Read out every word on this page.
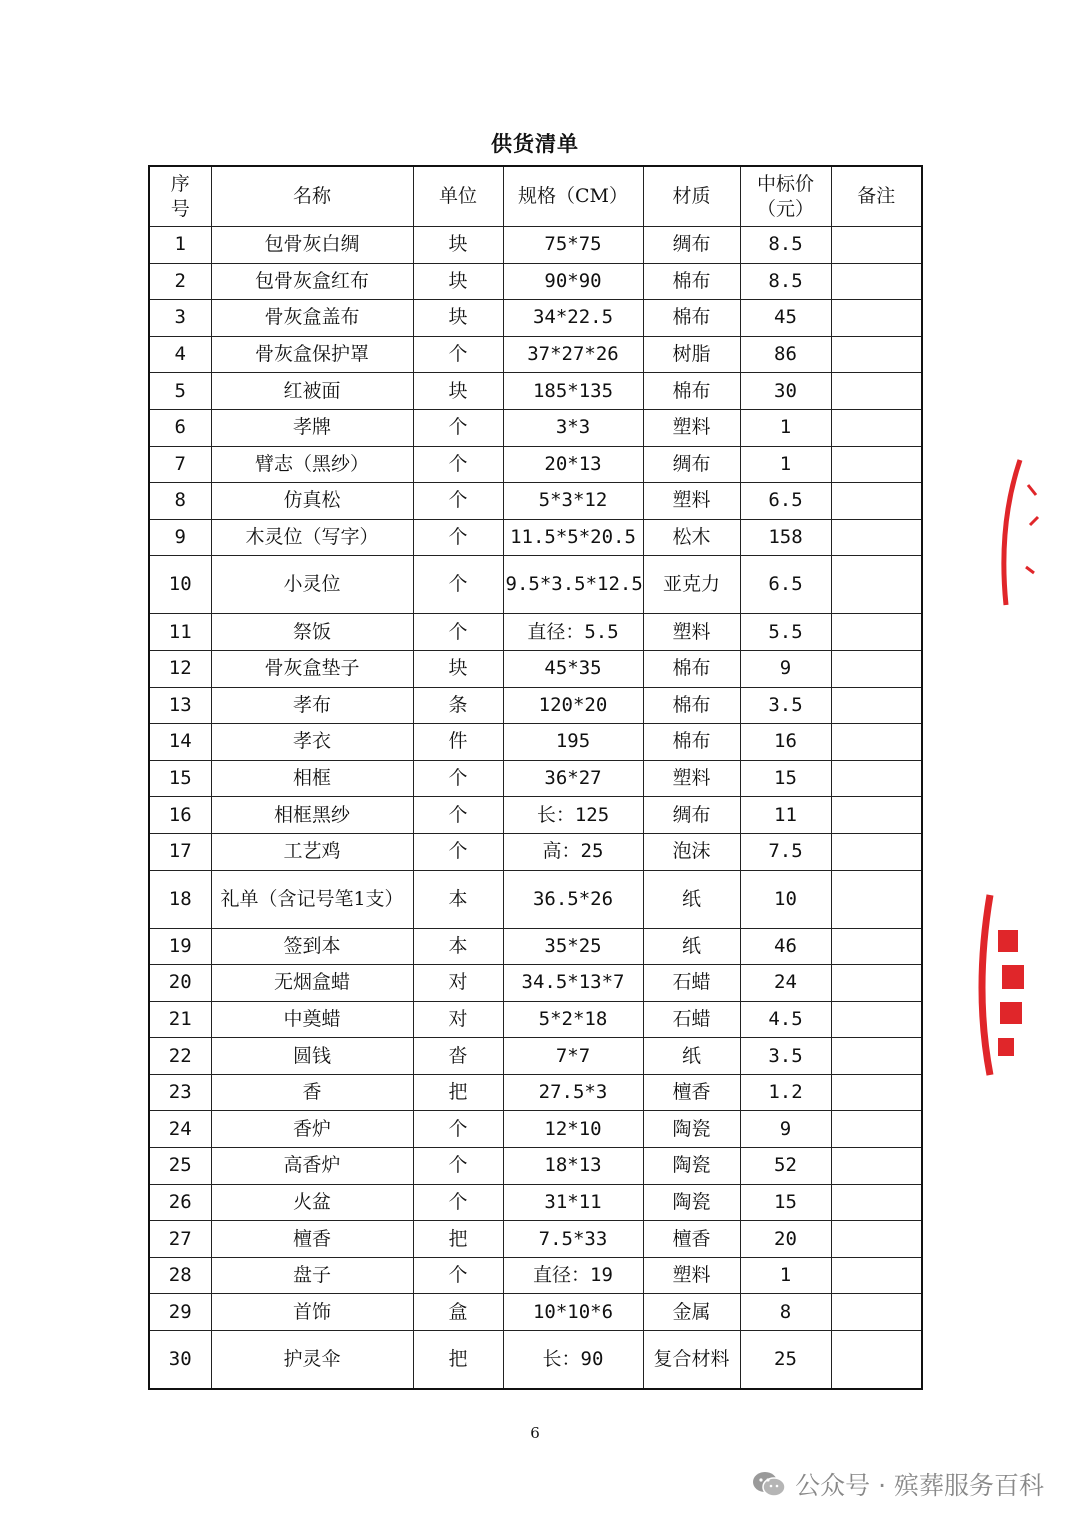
供货清单
序号	名称	单位	规格（CM）	材质	中标价（元）	备注
1	包骨灰白绸	块	75*75	绸布	8.5	
2	包骨灰盒红布	块	90*90	棉布	8.5	
3	骨灰盒盖布	块	34*22.5	棉布	45	
4	骨灰盒保护罩	个	37*27*26	树脂	86	
5	红被面	块	185*135	棉布	30	
6	孝牌	个	3*3	塑料	1	
7	臂志（黑纱）	个	20*13	绸布	1	
8	仿真松	个	5*3*12	塑料	6.5	
9	木灵位（写字）	个	11.5*5*20.5	松木	158	
10	小灵位	个	9.5*3.5*12.5	亚克力	6.5	
11	祭饭	个	直径：5.5	塑料	5.5	
12	骨灰盒垫子	块	45*35	棉布	9	
13	孝布	条	120*20	棉布	3.5	
14	孝衣	件	195	棉布	16	
15	相框	个	36*27	塑料	15	
16	相框黑纱	个	长：125	绸布	11	
17	工艺鸡	个	高：25	泡沫	7.5	
18	礼单（含记号笔1支）	本	36.5*26	纸	10	
19	签到本	本	35*25	纸	46	
20	无烟盒蜡	对	34.5*13*7	石蜡	24	
21	中奠蜡	对	5*2*18	石蜡	4.5	
22	圆钱	沓	7*7	纸	3.5	
23	香	把	27.5*3	檀香	1.2	
24	香炉	个	12*10	陶瓷	9	
25	高香炉	个	18*13	陶瓷	52	
26	火盆	个	31*11	陶瓷	15	
27	檀香	把	7.5*33	檀香	20	
28	盘子	个	直径：19	塑料	1	
29	首饰	盒	10*10*6	金属	8	
30	护灵伞	把	长：90	复合材料	25	
6
公众号 · 殡葬服务百科
